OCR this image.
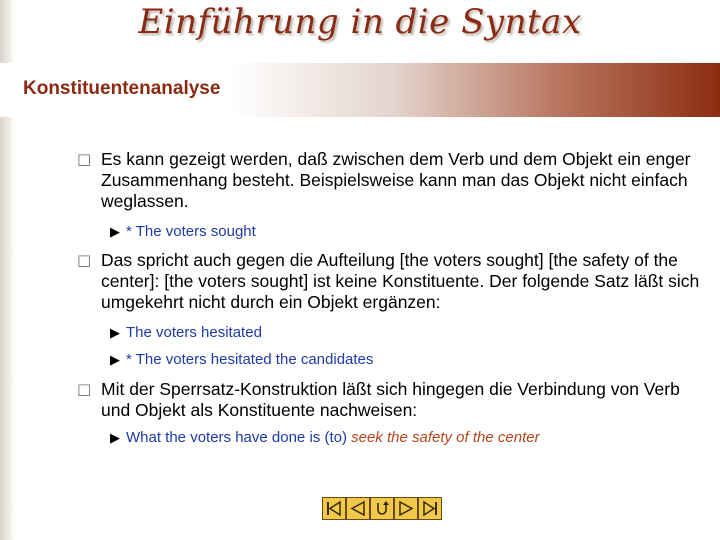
Einführung in die Syntax
Konstituentenanalyse
□ Es kann gezeigt werden, daß zwischen dem Verb und dem Objekt ein enger Zusammenhang besteht. Beispielsweise kann man das Objekt nicht einfach weglassen.
▶ * The voters sought
□ Das spricht auch gegen die Aufteilung [the voters sought] [the safety of the center]: [the voters sought] ist keine Konstituente. Der folgende Satz läßt sich umgekehrt nicht durch ein Objekt ergänzen:
▶ The voters hesitated
▶ * The voters hesitated the candidates
□ Mit der Sperrsatz-Konstruktion läßt sich hingegen die Verbindung von Verb und Objekt als Konstituente nachweisen:
▶ What the voters have done is (to) seek the safety of the center
